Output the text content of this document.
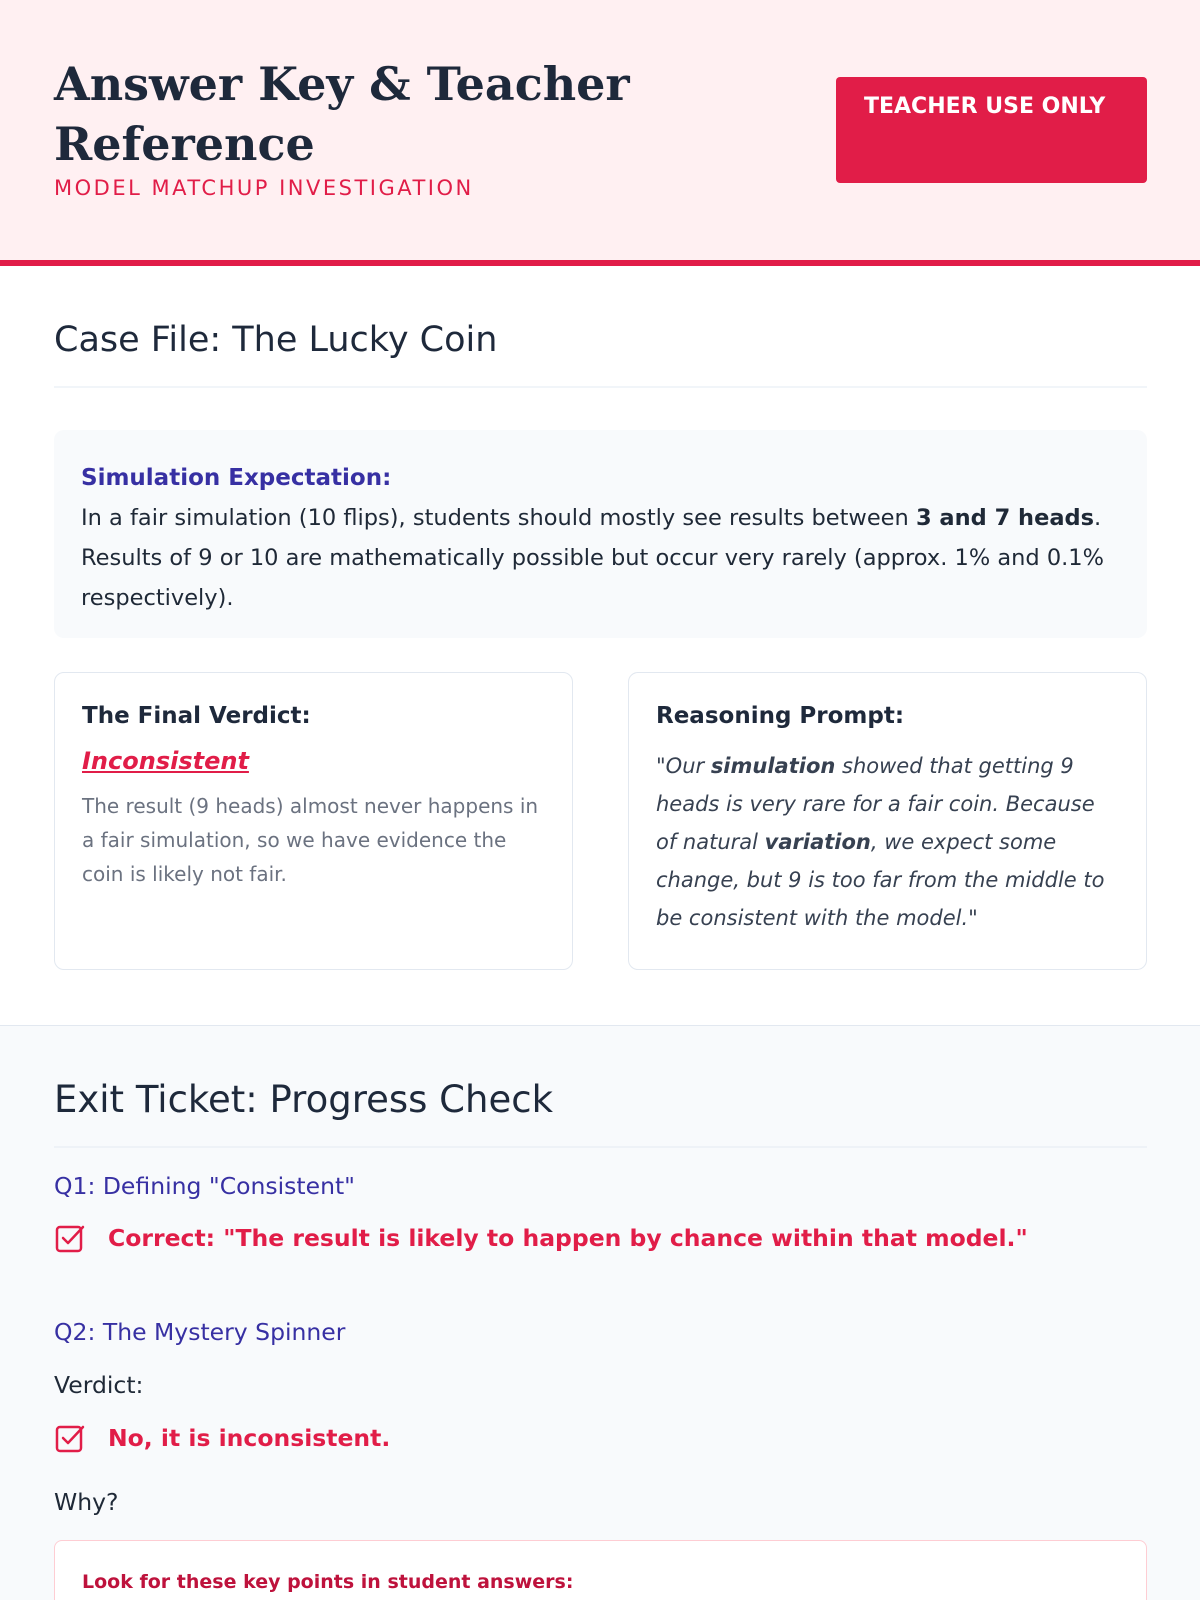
Answer Key & Teacher Reference
MODEL MATCHUP INVESTIGATION
TEACHER USE ONLY
Case File: The Lucky Coin
Simulation Expectation:
In a fair simulation (10 flips), students should mostly see results between 3 and 7 heads. Results of 9 or 10 are mathematically possible but occur very rarely (approx. 1% and 0.1% respectively).
The Final Verdict:
Inconsistent
The result (9 heads) almost never happens in a fair simulation, so we have evidence the coin is likely not fair.
Reasoning Prompt:
"Our simulation showed that getting 9 heads is very rare for a fair coin. Because of natural variation, we expect some change, but 9 is too far from the middle to be consistent with the model."
Exit Ticket: Progress Check
Q1: Defining "Consistent"
Correct: "The result is likely to happen by chance within that model."
Q2: The Mystery Spinner
Verdict:
No, it is inconsistent.
Why?
Look for these key points in student answers:
